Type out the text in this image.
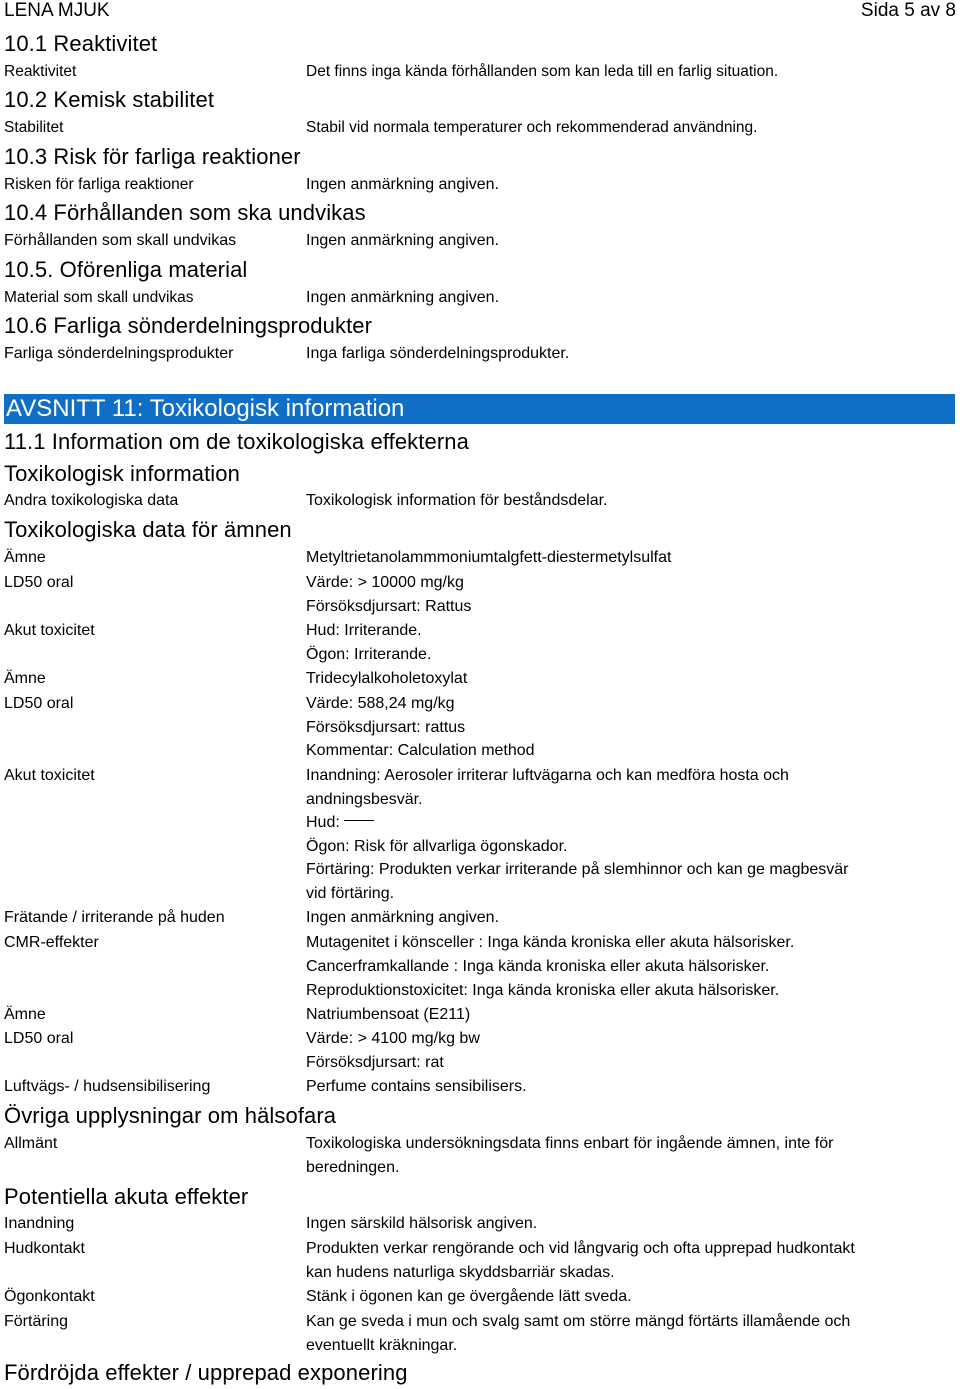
LENA MJUK	Sida 5 av 8
10.1 Reaktivitet
Reaktivitet	Det finns inga kända förhållanden som kan leda till en farlig situation.
10.2 Kemisk stabilitet
Stabilitet	Stabil vid normala temperaturer och rekommenderad användning.
10.3 Risk för farliga reaktioner
Risken för farliga reaktioner	Ingen anmärkning angiven.
10.4 Förhållanden som ska undvikas
Förhållanden som skall undvikas	Ingen anmärkning angiven.
10.5. Oförenliga material
Material som skall undvikas	Ingen anmärkning angiven.
10.6 Farliga sönderdelningsprodukter
Farliga sönderdelningsprodukter	Inga farliga sönderdelningsprodukter.
AVSNITT 11: Toxikologisk information
11.1 Information om de toxikologiska effekterna
Toxikologisk information
Andra toxikologiska data	Toxikologisk information för beståndsdelar.
Toxikologiska data för ämnen
Ämne	Metyltrietanolammmoniumtalgfett-diestermetylsulfat
LD50 oral	Värde: > 10000 mg/kg
Försöksdjursart: Rattus
Akut toxicitet	Hud: Irriterande.
Ögon: Irriterande.
Ämne	Tridecylalkoholetoxylat
LD50 oral	Värde: 588,24 mg/kg
Försöksdjursart: rattus
Kommentar: Calculation method
Akut toxicitet	Inandning: Aerosoler irriterar luftvägarna och kan medföra hosta och
andningsbesvär.
Hud:
Ögon: Risk för allvarliga ögonskador.
Förtäring: Produkten verkar irriterande på slemhinnor och kan ge magbesvär
vid förtäring.
Frätande / irriterande på huden	Ingen anmärkning angiven.
CMR-effekter	Mutagenitet i könsceller : Inga kända kroniska eller akuta hälsorisker.
Cancerframkallande : Inga kända kroniska eller akuta hälsorisker.
Reproduktionstoxicitet: Inga kända kroniska eller akuta hälsorisker.
Ämne	Natriumbensoat (E211)
LD50 oral	Värde: > 4100 mg/kg bw
Försöksdjursart: rat
Luftvägs- / hudsensibilisering	Perfume contains sensibilisers.
Övriga upplysningar om hälsofara
Allmänt	Toxikologiska undersökningsdata finns enbart för ingående ämnen, inte för
beredningen.
Potentiella akuta effekter
Inandning	Ingen särskild hälsorisk angiven.
Hudkontakt	Produkten verkar rengörande och vid långvarig och ofta upprepad hudkontakt
kan hudens naturliga skyddsbarriär skadas.
Ögonkontakt	Stänk i ögonen kan ge övergående lätt sveda.
Förtäring	Kan ge sveda i mun och svalg samt om större mängd förtärts illamående och
eventuellt kräkningar.
Fördröjda effekter / upprepad exponering
